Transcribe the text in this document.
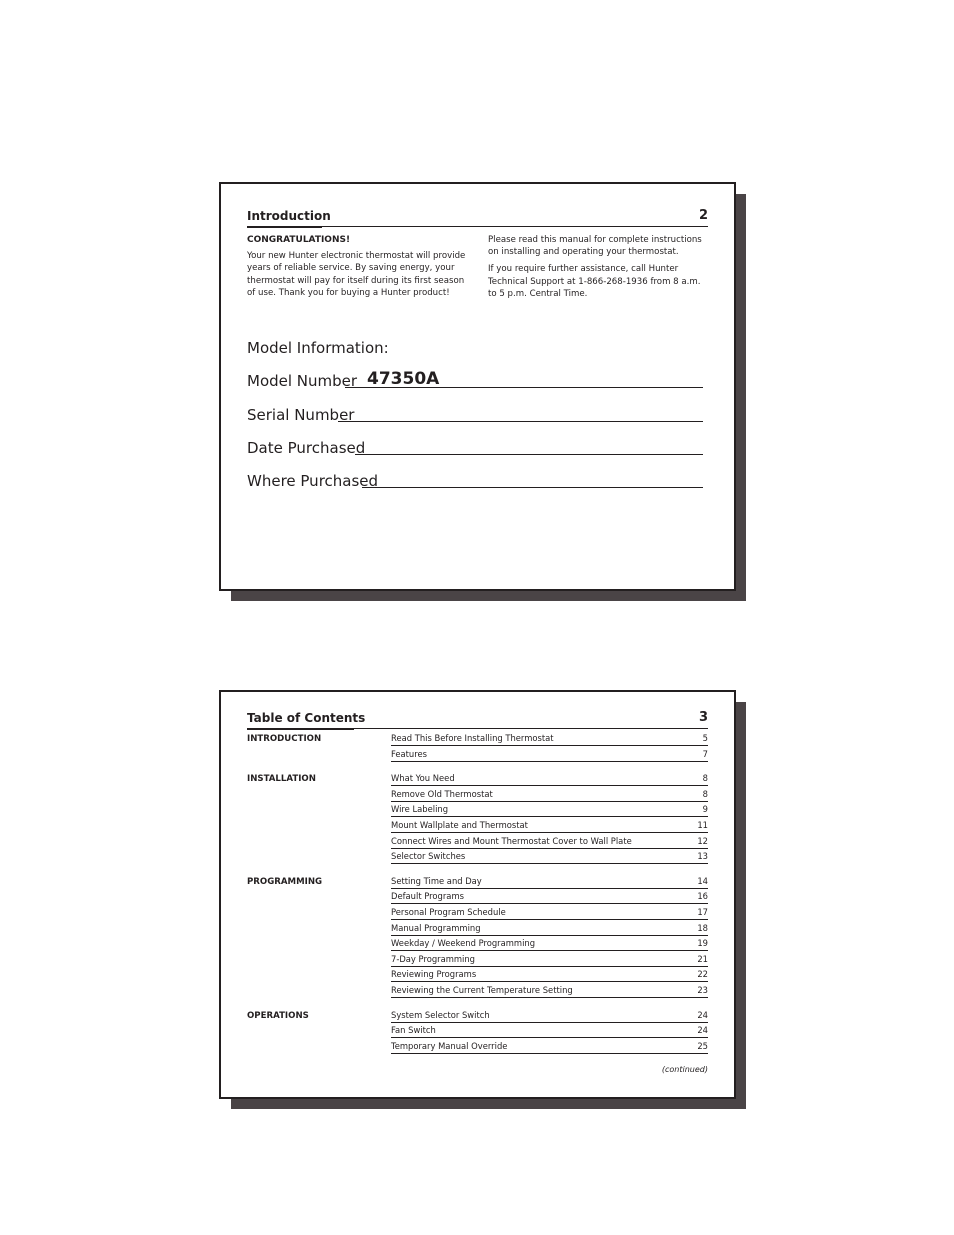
Introduction	2
CONGRATULATIONS!

Your new Hunter electronic thermostat will provide years of reliable service. By saving energy, your thermostat will pay for itself during its first season of use. Thank you for buying a Hunter product!

Please read this manual for complete instructions on installing and operating your thermostat.

If you require further assistance, call Hunter Technical Support at 1-866-268-1936 from 8 a.m. to 5 p.m. Central Time.

Model Information:
Model Number 47350A
Serial Number
Date Purchased
Where Purchased
Table of Contents	3
(continued)
INTRODUCTION	Read This Before Installing Thermostat	5
Features	7
INSTALLATION	What You Need	8
Remove Old Thermostat	8
Wire Labeling	9
Mount Wallplate and Thermostat	11
Connect Wires and Mount Thermostat Cover to Wall Plate	12
Selector Switches	13
PROGRAMMING	Setting Time and Day	14
Default Programs	16
Personal Program Schedule	17
Manual Programming	18
Weekday / Weekend Programming	19
7-Day Programming	21
Reviewing Programs	22
Reviewing the Current Temperature Setting	23
OPERATIONS	System Selector Switch	24
Fan Switch	24
Temporary Manual Override	25
